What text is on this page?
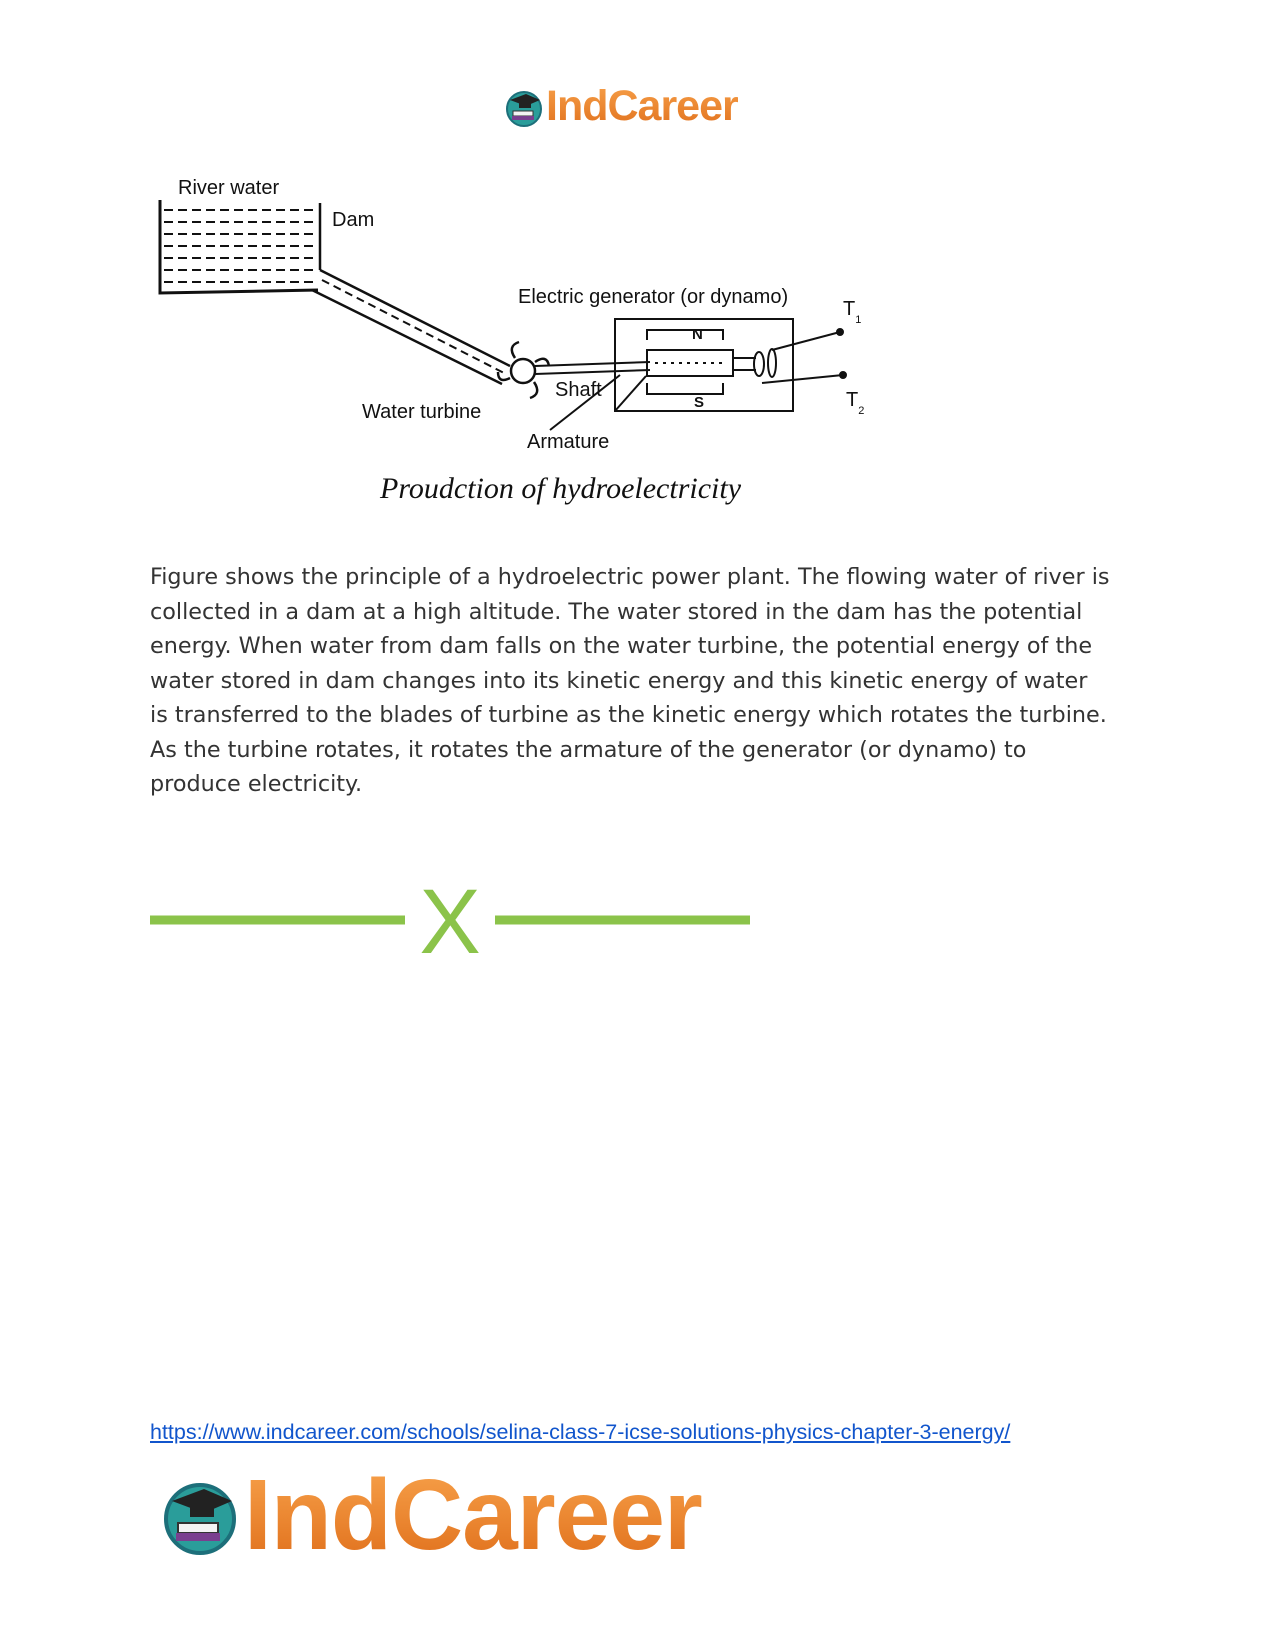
IndCareer
River water
Dam
Electric generator (or dynamo)
$T_1$
$T_2$
N
S
Shaft
Water turbine
Armature
Proudction of hydroelectricity

Figure shows the principle of a hydroelectric power plant. The flowing water of river is collected in a dam at a high altitude. The water stored in the dam has the potential energy. When water from dam falls on the water turbine, the potential energy of the water stored in dam changes into its kinetic energy and this kinetic energy of water is transferred to the blades of turbine as the kinetic energy which rotates the turbine. As the turbine rotates, it rotates the armature of the generator (or dynamo) to produce electricity.

X
https://www.indcareer.com/schools/selina-class-7-icse-solutions-physics-chapter-3-energy/
IndCareer
